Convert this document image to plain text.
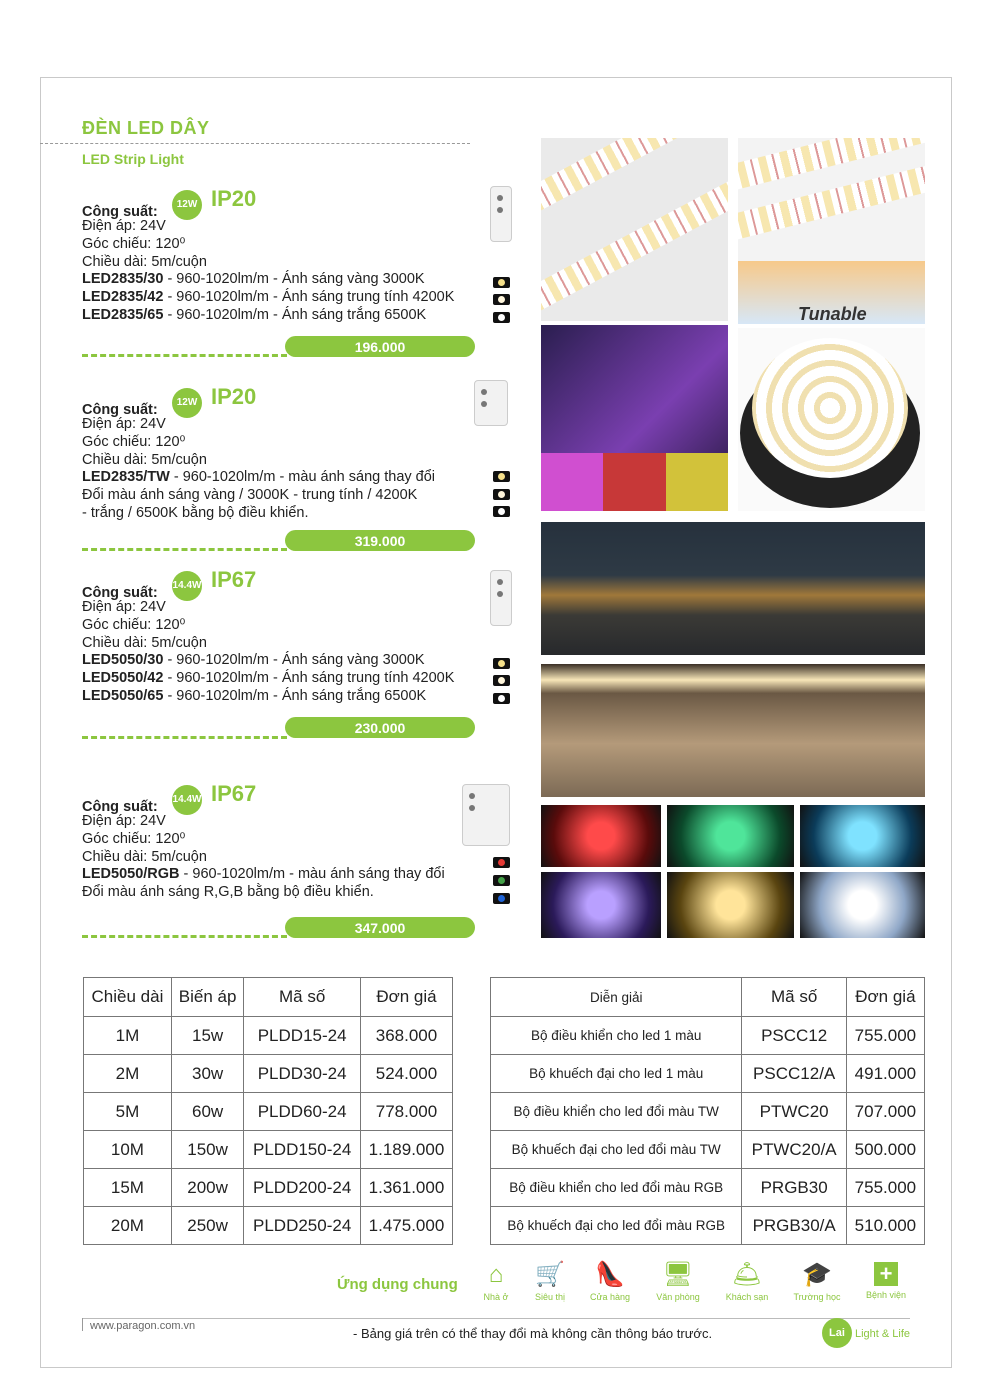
ĐÈN LED DÂY
LED Strip Light
Công suất:	12W IP20
Điện áp: 24V
Góc chiếu: 120⁰
Chiều dài: 5m/cuộn
LED2835/30 - 960-1020lm/m - Ánh sáng vàng 3000K
LED2835/42 - 960-1020lm/m - Ánh sáng trung tính 4200K
LED2835/65 - 960-1020lm/m - Ánh sáng trắng 6500K
196.000
Công suất:	12W IP20
Điện áp: 24V
Góc chiếu: 120⁰
Chiều dài: 5m/cuộn
LED2835/TW - 960-1020lm/m - màu ánh sáng thay đổi
Đổi màu ánh sáng vàng / 3000K - trung tính / 4200K
- trắng / 6500K bằng bộ điều khiển.
319.000
Công suất: 14.4W IP67
Điện áp: 24V
Góc chiếu: 120⁰
Chiều dài: 5m/cuộn
LED5050/30 - 960-1020lm/m - Ánh sáng vàng 3000K
LED5050/42 - 960-1020lm/m - Ánh sáng trung tính 4200K
LED5050/65 - 960-1020lm/m - Ánh sáng trắng 6500K
230.000
Công suất: 14.4W IP67
Điện áp: 24V
Góc chiếu: 120⁰
Chiều dài: 5m/cuộn
LED5050/RGB - 960-1020lm/m - màu ánh sáng thay đổi
Đổi màu ánh sáng R,G,B bằng bộ điều khiển.
347.000
Tunable
Chiều dài	Biến áp	Mã số	Đơn giá
1M	15w	PLDD15-24	368.000
2M	30w	PLDD30-24	524.000
5M	60w	PLDD60-24	778.000
10M	150w	PLDD150-24	1.189.000
15M	200w	PLDD200-24	1.361.000
20M	250w	PLDD250-24	1.475.000
Diễn giải	Mã số	Đơn giá
Bộ điều khiển cho led 1 màu	PSCC12	755.000
Bộ khuếch đại cho led 1 màu	PSCC12/A	491.000
Bộ điều khiển cho led đổi màu TW	PTWC20	707.000
Bộ khuếch đại cho led đổi màu TW	PTWC20/A	500.000
Bộ điều khiển cho led đổi màu RGB	PRGB30	755.000
Bộ khuếch đại cho led đổi màu RGB	PRGB30/A	510.000
Ứng dụng chung	⌂
Nhà ở
🛒
Siêu thị
👠
Cửa hàng
🖥
Văn phòng
🛎
Khách sạn
🎓
Trường học
+
Bệnh viện
www.paragon.com.vn	- Bảng giá trên có thể thay đổi mà không cần thông báo trước.	Lai Light & Life
